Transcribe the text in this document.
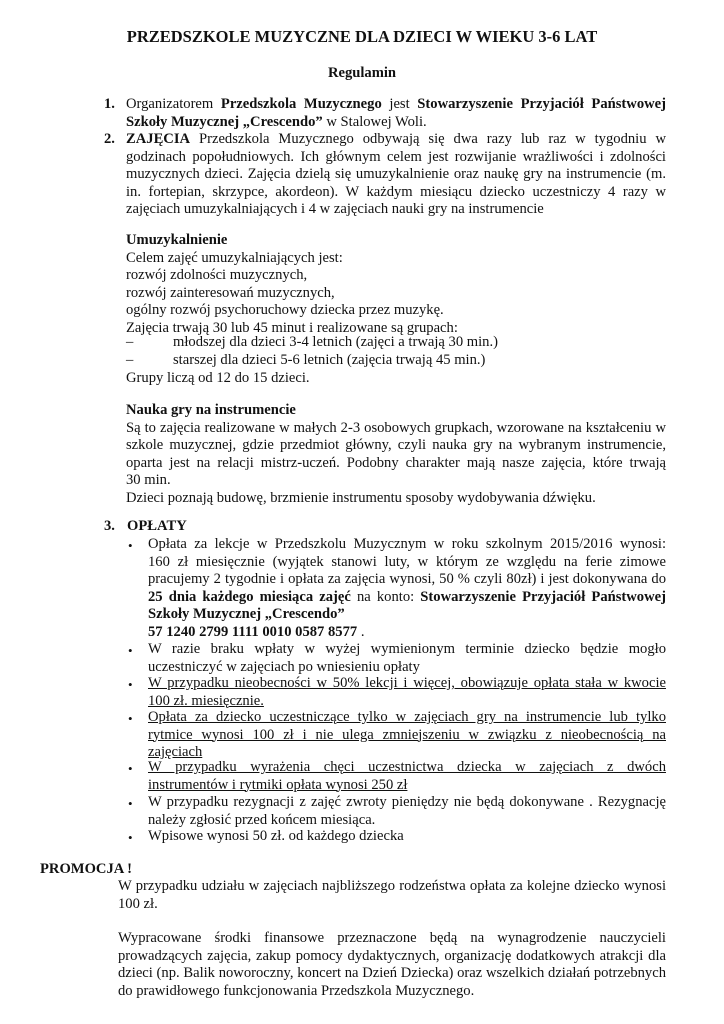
PRZEDSZKOLE MUZYCZNE DLA DZIECI W WIEKU 3-6 LAT
Regulamin
1. Organizatorem Przedszkola Muzycznego jest Stowarzyszenie Przyjaciół Państwowej
Szkoły Muzycznej „Crescendo” w Stalowej Woli.
2. ZAJĘCIA Przedszkola Muzycznego odbywają się dwa razy lub raz w tygodniu w
godzinach popołudniowych. Ich głównym celem jest rozwijanie wrażliwości i zdolności
muzycznych dzieci. Zajęcia dzielą się umuzykalnienie oraz naukę gry na instrumencie (m.
in. fortepian, skrzypce, akordeon). W każdym miesiącu dziecko uczestniczy 4 razy w
zajęciach umuzykalniających i 4 w zajęciach nauki gry na instrumencie
Umuzykalnienie
Celem zajęć umuzykalniających jest:
rozwój zdolności muzycznych,
rozwój zainteresowań muzycznych,
ogólny rozwój psychoruchowy dziecka przez muzykę.
Zajęcia trwają 30 lub 45 minut i realizowane są grupach:
–	młodszej dla dzieci 3-4 letnich (zajęci a trwają 30 min.)
–	starszej dla dzieci 5-6 letnich (zajęcia trwają 45 min.)
Grupy liczą od 12 do 15 dzieci.
Nauka gry na instrumencie
Są to zajęcia realizowane w małych 2-3 osobowych grupkach, wzorowane na kształceniu w
szkole muzycznej, gdzie przedmiot główny, czyli nauka gry na wybranym instrumencie,
oparta jest na relacji mistrz-uczeń. Podobny charakter mają nasze zajęcia, które trwają
30 min.
Dzieci poznają budowę, brzmienie instrumentu sposoby wydobywania dźwięku.
3. OPŁATY
• Opłata za lekcje w Przedszkolu Muzycznym w roku szkolnym 2015/2016 wynosi:
160 zł miesięcznie (wyjątek stanowi luty, w którym ze względu na ferie zimowe
pracujemy 2 tygodnie i opłata za zajęcia wynosi, 50 % czyli 80zł) i jest dokonywana do
25 dnia każdego miesiąca zajęć na konto: Stowarzyszenie Przyjaciół Państwowej
Szkoły Muzycznej „Crescendo”
57 1240 2799 1111 0010 0587 8577 .
• W razie braku wpłaty w wyżej wymienionym terminie dziecko będzie mogło
uczestniczyć w zajęciach po wniesieniu opłaty
• W przypadku nieobecności w 50% lekcji i więcej, obowiązuje opłata stała w kwocie
100 zł. miesięcznie.
• Opłata za dziecko uczestniczące tylko w zajęciach gry na instrumencie lub tylko
rytmice wynosi 100 zł i nie ulega zmniejszeniu w związku z nieobecnością na
zajęciach
• W przypadku wyrażenia chęci uczestnictwa dziecka w zajęciach z dwóch
instrumentów i rytmiki opłata wynosi 250 zł
• W przypadku rezygnacji z zajęć zwroty pieniędzy nie będą dokonywane . Rezygnację
należy zgłosić przed końcem miesiąca.
• Wpisowe wynosi 50 zł. od każdego dziecka
PROMOCJA !
W przypadku udziału w zajęciach najbliższego rodzeństwa opłata za kolejne dziecko wynosi
100 zł.
Wypracowane środki finansowe przeznaczone będą na wynagrodzenie nauczycieli
prowadzących zajęcia, zakup pomocy dydaktycznych, organizację dodatkowych atrakcji dla
dzieci (np. Balik noworoczny, koncert na Dzień Dziecka) oraz wszelkich działań potrzebnych
do prawidłowego funkcjonowania Przedszkola Muzycznego.
